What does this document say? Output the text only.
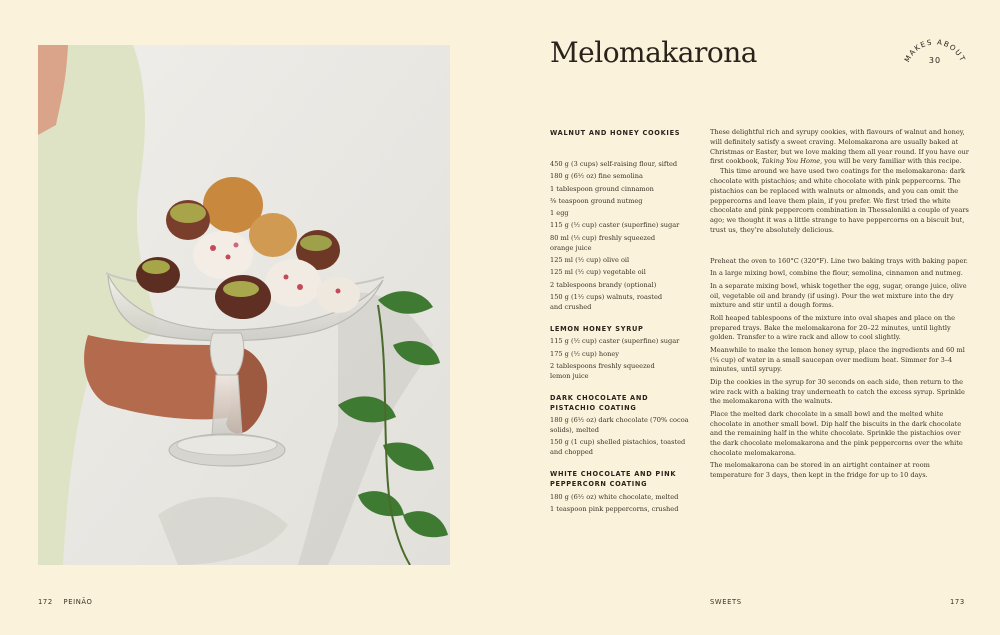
Melomakarona	MAKES ABOUT
30
WALNUT AND HONEY COOKIES
450 g (3 cups) self-raising flour, sifted
180 g (6½ oz) fine semolina
1 tablespoon ground cinnamon
⅜ teaspoon ground nutmeg
1 egg
115 g (½ cup) caster (superfine) sugar
80 ml (⅓ cup) freshly squeezed
orange juice
125 ml (½ cup) olive oil
125 ml (½ cup) vegetable oil
2 tablespoons brandy (optional)
150 g (1½ cups) walnuts, roasted
and crushed
LEMON HONEY SYRUP
115 g (½ cup) caster (superfine) sugar
175 g (½ cup) honey
2 tablespoons freshly squeezed
lemon juice
DARK CHOCOLATE AND
PISTACHIO COATING
180 g (6½ oz) dark chocolate (70% cocoa
solids), melted
150 g (1 cup) shelled pistachios, toasted
and chopped
WHITE CHOCOLATE AND PINK
PEPPERCORN COATING
180 g (6½ oz) white chocolate, melted
1 teaspoon pink peppercorns, crushed

These delightful rich and syrupy cookies, with flavours of walnut and honey, will definitely satisfy a sweet craving. Melomakarona are usually baked at Christmas or Easter, but we love making them all year round. If you have our first cookbook, Taking You Home, you will be very familiar with this recipe.
This time around we have used two coatings for the melomakarona: dark chocolate with pistachios; and white chocolate with pink peppercorns. The pistachios can be replaced with walnuts or almonds, and you can omit the peppercorns and leave them plain, if you prefer. We first tried the white chocolate and pink peppercorn combination in Thessaloniki a couple of years ago; we thought it was a little strange to have peppercorns on a biscuit but, trust us, they’re absolutely delicious.

Preheat the oven to 160°C (320°F). Line two baking trays with baking paper.

In a large mixing bowl, combine the flour, semolina, cinnamon and nutmeg.

In a separate mixing bowl, whisk together the egg, sugar, orange juice, olive oil, vegetable oil and brandy (if using). Pour the wet mixture into the dry mixture and stir until a dough forms.

Roll heaped tablespoons of the mixture into oval shapes and place on the prepared trays. Bake the melomakarona for 20–22 minutes, until lightly golden. Transfer to a wire rack and allow to cool slightly.

Meanwhile to make the lemon honey syrup, place the ingredients and 60 ml (¼ cup) of water in a small saucepan over medium heat. Simmer for 3–4 minutes, until syrupy.

Dip the cookies in the syrup for 30 seconds on each side, then return to the wire rack with a baking tray underneath to catch the excess syrup. Sprinkle the melomakarona with the walnuts.

Place the melted dark chocolate in a small bowl and the melted white chocolate in another small bowl. Dip half the biscuits in the dark chocolate and the remaining half in the white chocolate. Sprinkle the pistachios over the dark chocolate melomakarona and the pink peppercorns over the white chocolate melomakarona.

The melomakarona can be stored in an airtight container at room temperature for 3 days, then kept in the fridge for up to 10 days.

172 PEINÃO	SWEETS	173
